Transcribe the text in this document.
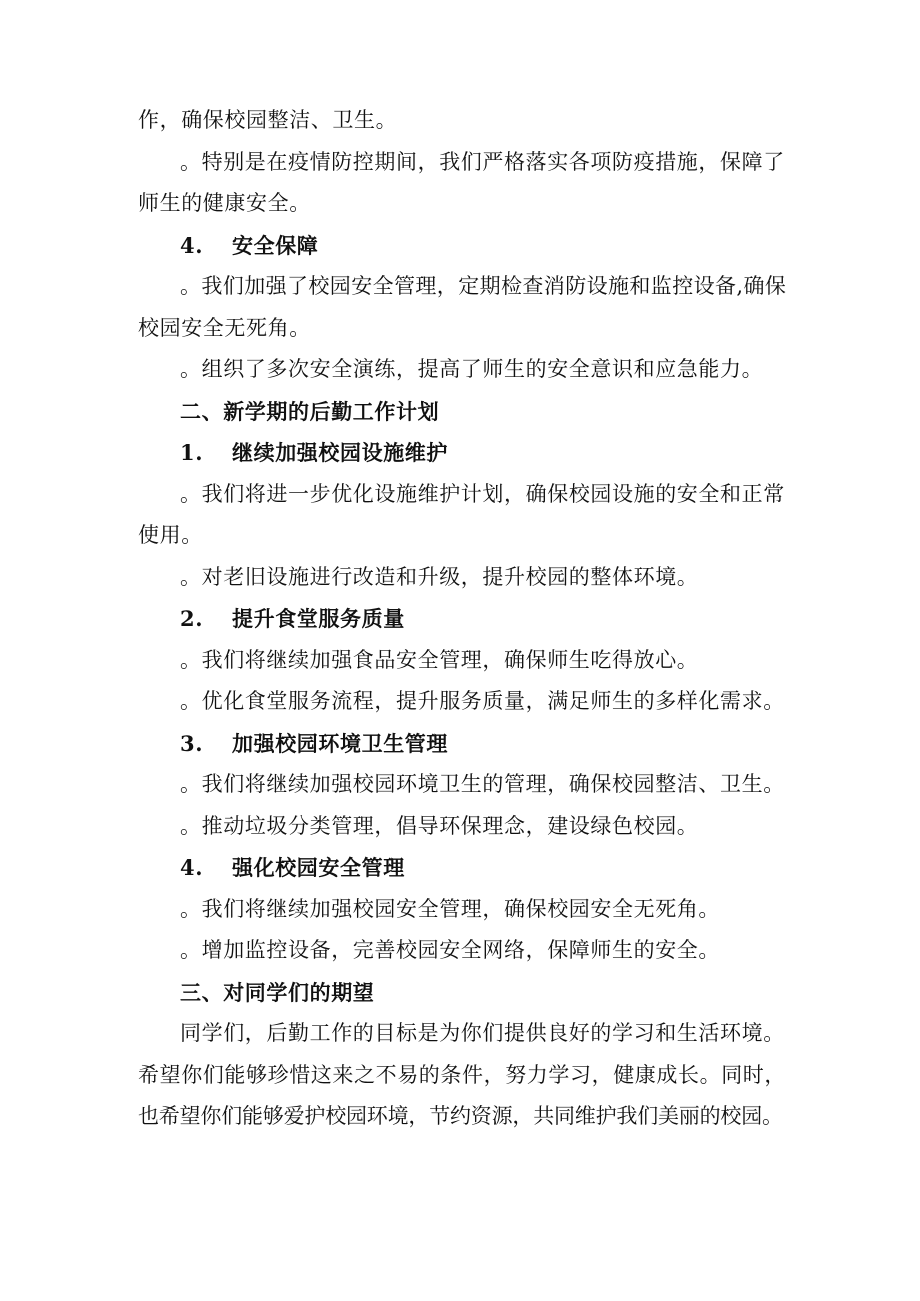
作，确保校园整洁、卫生。
。特别是在疫情防控期间，我们严格落实各项防疫措施，保障了
师生的健康安全。
4. 安全保障
。我们加强了校园安全管理，定期检查消防设施和监控设备,确保
校园安全无死角。
。组织了多次安全演练，提高了师生的安全意识和应急能力。
二、新学期的后勤工作计划
1. 继续加强校园设施维护
。我们将进一步优化设施维护计划，确保校园设施的安全和正常
使用。
。对老旧设施进行改造和升级，提升校园的整体环境。
2. 提升食堂服务质量
。我们将继续加强食品安全管理，确保师生吃得放心。
。优化食堂服务流程，提升服务质量，满足师生的多样化需求。
3. 加强校园环境卫生管理
。我们将继续加强校园环境卫生的管理，确保校园整洁、卫生。
。推动垃圾分类管理，倡导环保理念，建设绿色校园。
4. 强化校园安全管理
。我们将继续加强校园安全管理，确保校园安全无死角。
。增加监控设备，完善校园安全网络，保障师生的安全。
三、对同学们的期望
同学们，后勤工作的目标是为你们提供良好的学习和生活环境。
希望你们能够珍惜这来之不易的条件，努力学习，健康成长。同时，
也希望你们能够爱护校园环境，节约资源，共同维护我们美丽的校园。
